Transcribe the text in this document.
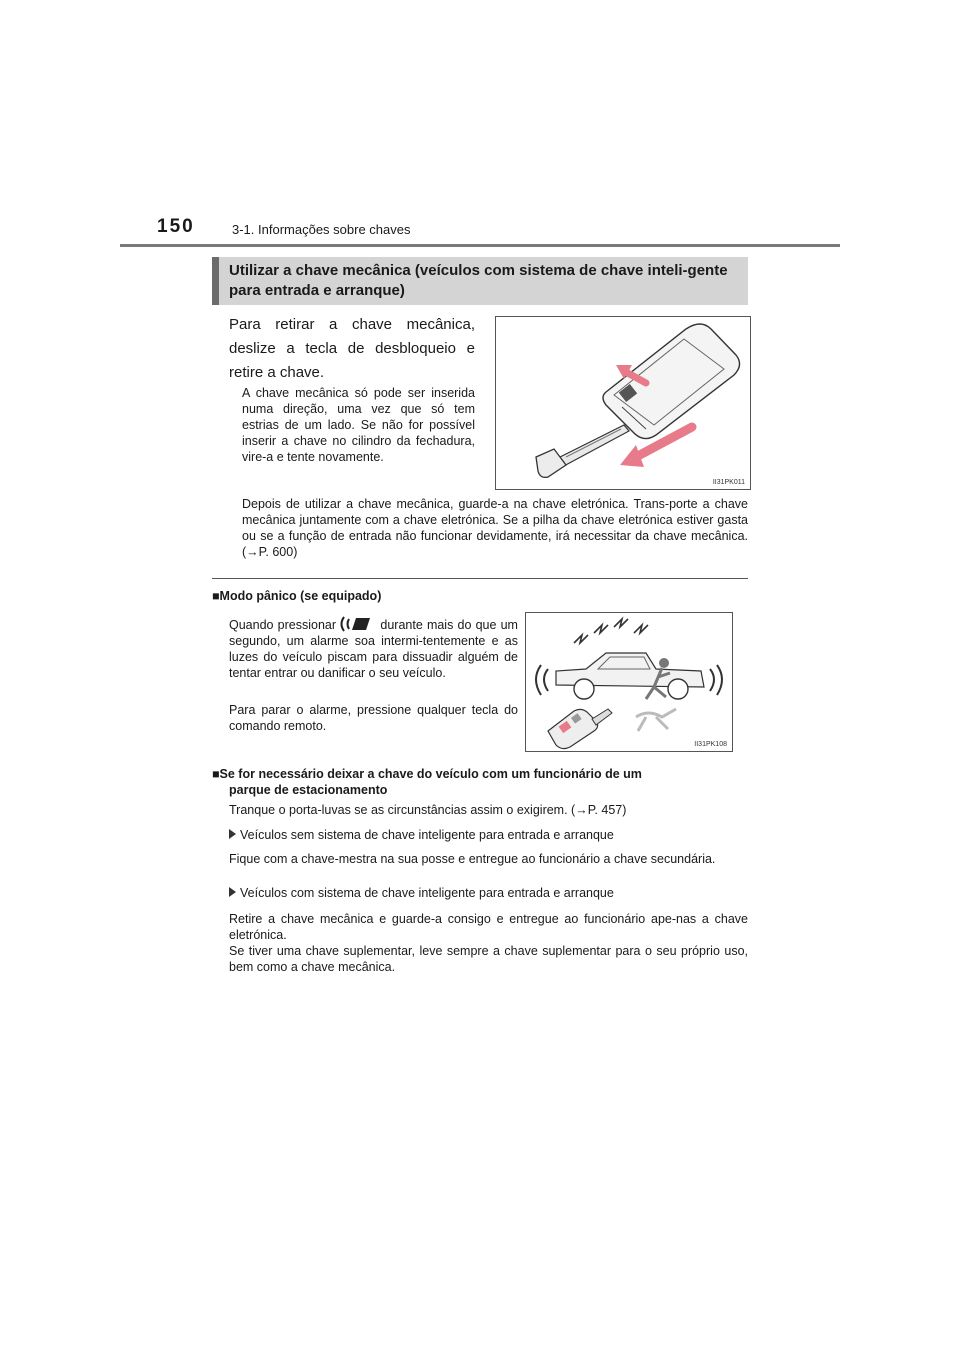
150	3-1. Informações sobre chaves
Utilizar a chave mecânica (veículos com sistema de chave inteli-gente para entrada e arranque)
Para retirar a chave mecânica, deslize a tecla de desbloqueio e retire a chave.
A chave mecânica só pode ser inserida numa direção, uma vez que só tem estrias de um lado. Se não for possível inserir a chave no cilindro da fechadura, vire-a e tente novamente.
II31PK011
Depois de utilizar a chave mecânica, guarde-a na chave eletrónica. Trans-porte a chave mecânica juntamente com a chave eletrónica. Se a pilha da chave eletrónica estiver gasta ou se a função de entrada não funcionar devidamente, irá necessitar da chave mecânica. (→P. 600)
■Modo pânico (se equipado)
Quando pressionar	durante mais do que um segundo, um alarme soa intermi-tentemente e as luzes do veículo piscam para dissuadir alguém de tentar entrar ou danificar o seu veículo.
Para parar o alarme, pressione qualquer tecla do comando remoto.
II31PK108
■Se for necessário deixar a chave do veículo com um funcionário de um
parque de estacionamento
Tranque o porta-luvas se as circunstâncias assim o exigirem. (→P. 457)
Veículos sem sistema de chave inteligente para entrada e arranque
Fique com a chave-mestra na sua posse e entregue ao funcionário a chave secundária.
Veículos com sistema de chave inteligente para entrada e arranque
Retire a chave mecânica e guarde-a consigo e entregue ao funcionário ape-nas a chave eletrónica.
Se tiver uma chave suplementar, leve sempre a chave suplementar para o seu próprio uso, bem como a chave mecânica.
